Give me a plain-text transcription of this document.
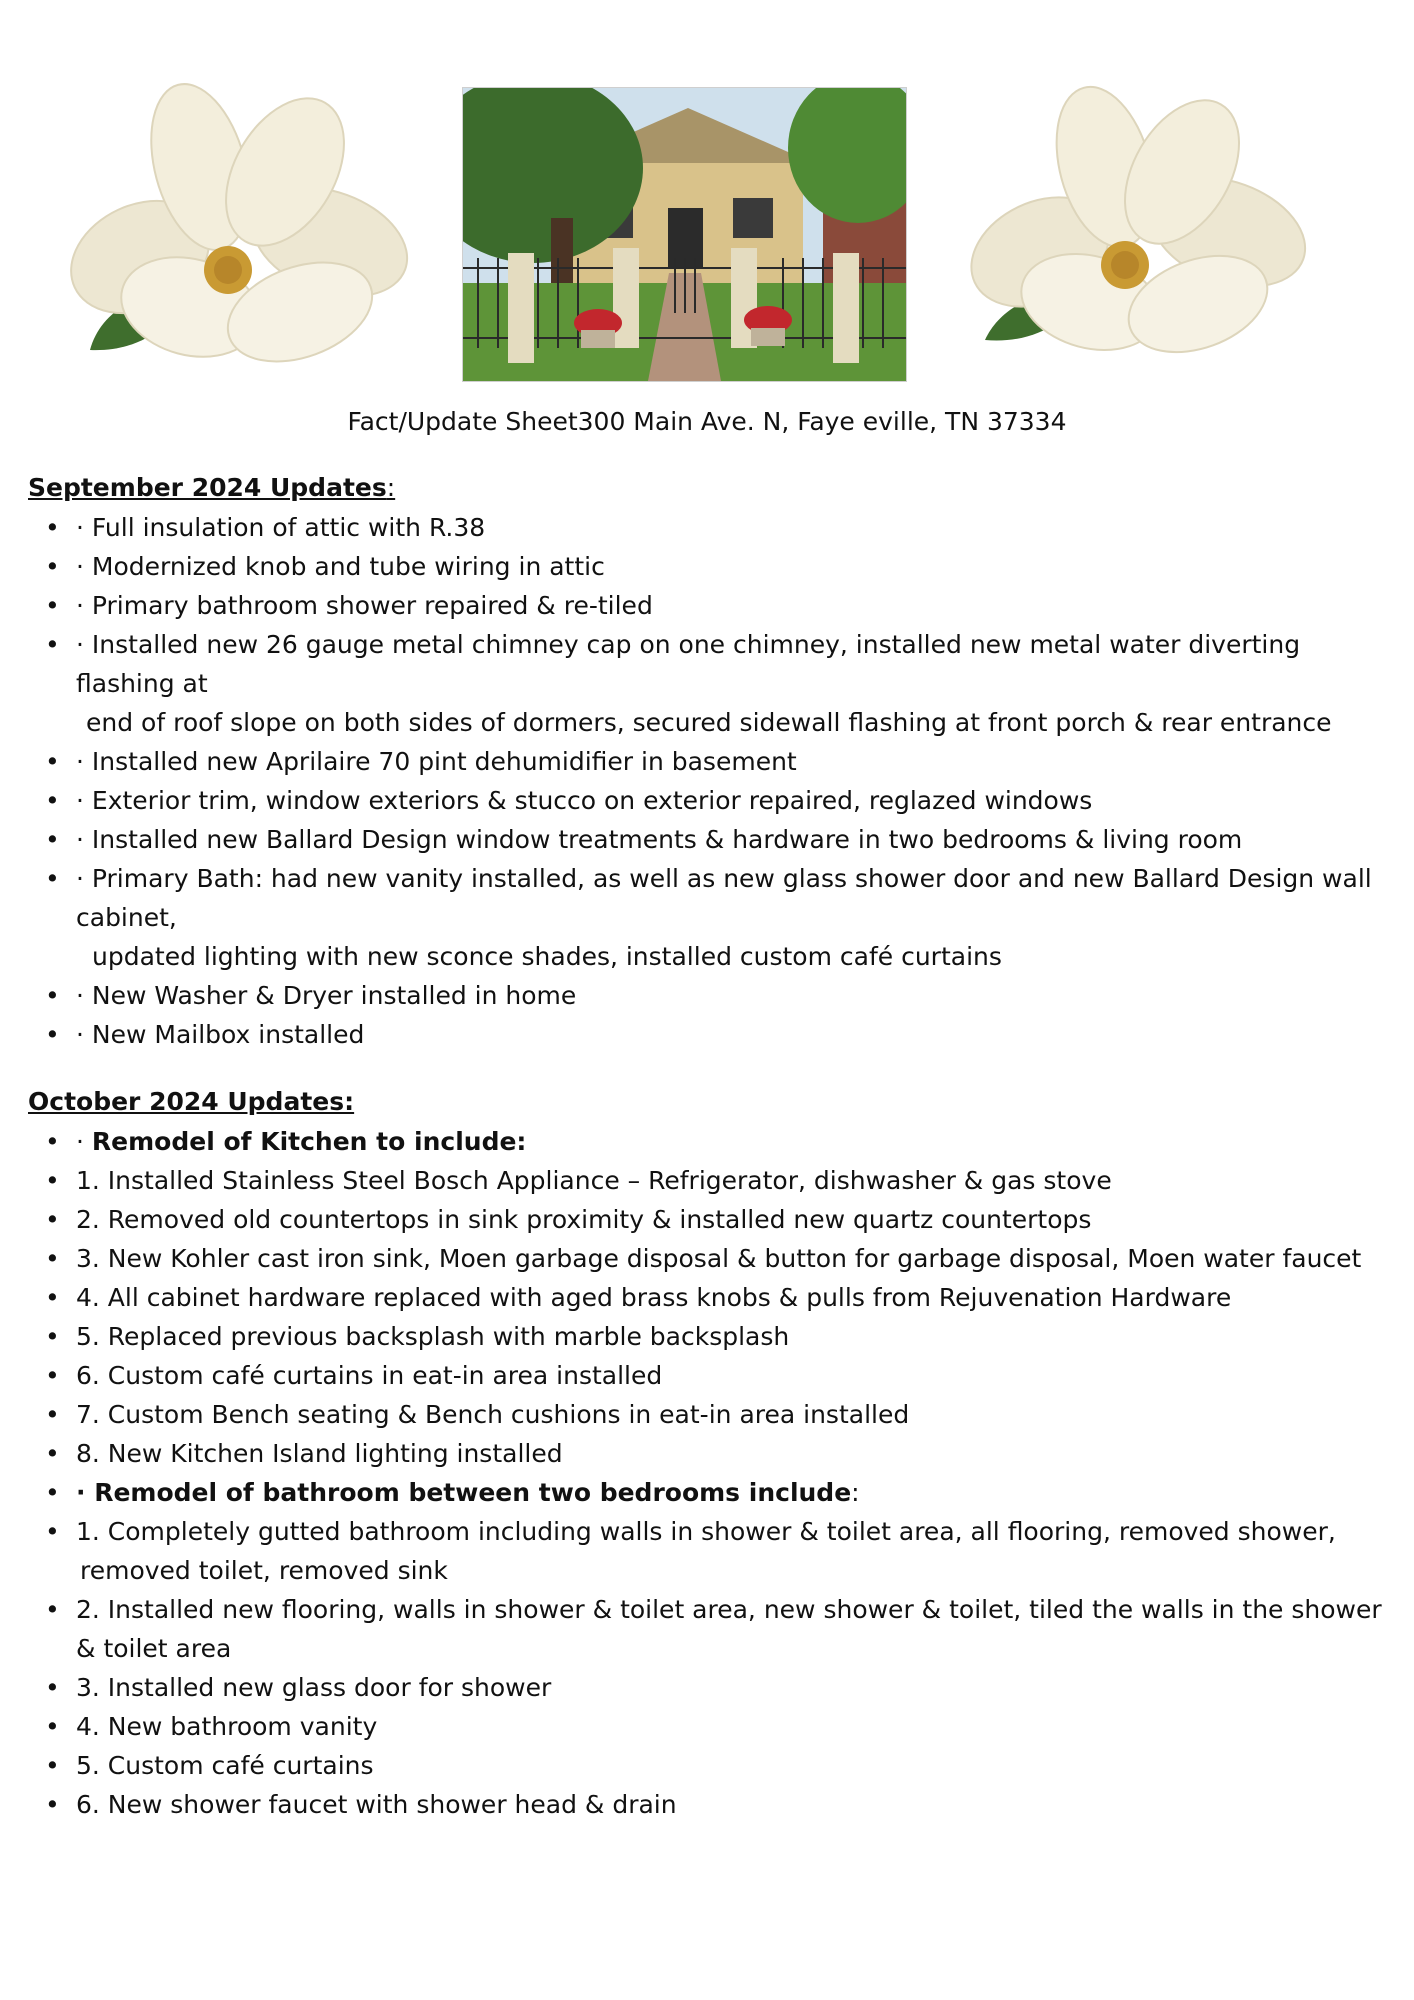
Fact/Update Sheet300 Main Ave. N, Faye eville, TN 37334
September 2024 Updates:
• · Full insulation of attic with R.38
• · Modernized knob and tube wiring in attic
• · Primary bathroom shower repaired & re-tiled
• · Installed new 26 gauge metal chimney cap on one chimney, installed new metal water diverting flashing at
end of roof slope on both sides of dormers, secured sidewall flashing at front porch & rear entrance
• · Installed new Aprilaire 70 pint dehumidifier in basement
• · Exterior trim, window exteriors & stucco on exterior repaired, reglazed windows
• · Installed new Ballard Design window treatments & hardware in two bedrooms & living room
• · Primary Bath: had new vanity installed, as well as new glass shower door and new Ballard Design wall cabinet,
updated lighting with new sconce shades, installed custom café curtains
• · New Washer & Dryer installed in home
• · New Mailbox installed
October 2024 Updates:
• · Remodel of Kitchen to include:
• 1. Installed Stainless Steel Bosch Appliance – Refrigerator, dishwasher & gas stove
• 2. Removed old countertops in sink proximity & installed new quartz countertops
• 3. New Kohler cast iron sink, Moen garbage disposal & button for garbage disposal, Moen water faucet
• 4. All cabinet hardware replaced with aged brass knobs & pulls from Rejuvenation Hardware
• 5. Replaced previous backsplash with marble backsplash
• 6. Custom café curtains in eat-in area installed
• 7. Custom Bench seating & Bench cushions in eat-in area installed
• 8. New Kitchen Island lighting installed
• · Remodel of bathroom between two bedrooms include:
• 1. Completely gutted bathroom including walls in shower & toilet area, all flooring, removed shower,
removed toilet, removed sink
• 2. Installed new flooring, walls in shower & toilet area, new shower & toilet, tiled the walls in the shower
& toilet area
• 3. Installed new glass door for shower
• 4. New bathroom vanity
• 5. Custom café curtains
• 6. New shower faucet with shower head & drain
